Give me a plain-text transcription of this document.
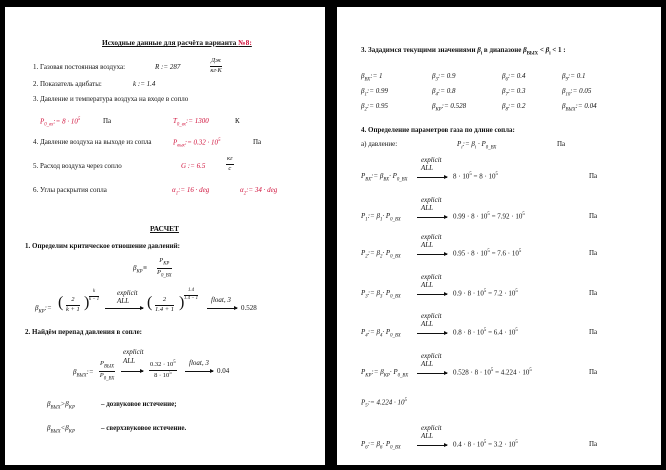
Исходные данные для расчёта варианта №8:
1. Газовая постоянная воздуха:	R := 287
Дж
кг·К
2. Показатель адибаты:	k := 1.4
3. Давление и температура воздуха на входе в сопло
$P_{0\_вх}:= 8 \cdot 10^5$	Па	$T_{0\_вх}:= 1300$	К
4. Давление воздуха на выходе из сопла	$P_{вых}:= 0.32 \cdot 10^5$	Па
5. Расход воздуха через сопло	G := 6.5
кг
с
6. Углы раскрытия сопла	$\alpha_1:= 16$ · deg	$\alpha_2:= 34$ · deg
РАСЧЕТ
1. Определим критическое отношение давлений:
$\beta_{КР}\equiv$
$P_{КР}$
$P_{0\_ВХ}$
$\beta_{КР}:=$ ( $\frac{2}{k + 1}$ ) $\frac{k}{k - 1}$	explicit
ALL ( $\frac{2}{1.4 + 1}$ ) $\frac{1.4}{1.4 - 1}$ float, 3
0.528
2. Найдём перепад давления в сопле:
$\beta_{ВЫХ}:=$
$P_{ВЫХ}$
$P_{0\_ВХ}$
explicit
ALL $\frac{0.32 \cdot 10^5}{8 \cdot 10^5}$ float, 3
0.04
$\beta_{ВЫХ}>\beta_{КР}$	– дозвуковое истечение;
$\beta_{ВЫХ}<\beta_{КР}$	– сверхзвуковое истечение.
3. Зададимся текущими значениями $\beta_i$ в диапазоне $\beta_{ВЫХ} < \beta_i < 1$ :
$\beta_{ВХ}:= 1$	$\beta_3:= 0.9$	$\beta_6:= 0.4$	$\beta_9:= 0.1$
$\beta_1:= 0.99$	$\beta_4:= 0.8$	$\beta_7:= 0.3$	$\beta_{10}:= 0.05$
$\beta_2:= 0.95$	$\beta_{КР}:= 0.528$	$\beta_8:= 0.2$	$\beta_{ВЫХ}:= 0.04$
4. Определение параметров газа по длине сопла:
а) давление:	$P_i:= \beta_i \cdot P_{0\_ВХ}$	Па
explicit
ALL
$P_{ВХ}:= \beta_{ВХ}\cdot P_{0\_ВХ}$	$8 \cdot 10^5 = 8 \cdot 10^5$	Па
explicit
ALL
$P_1:= \beta_1\cdot P_{0\_ВХ}$	$0.99 \cdot 8 \cdot 10^5 = 7.92 \cdot 10^5$	Па
explicit
ALL
$P_2:= \beta_2\cdot P_{0\_ВХ}$	$0.95 \cdot 8 \cdot 10^5 = 7.6 \cdot 10^5$	Па
explicit
ALL
$P_3:= \beta_3\cdot P_{0\_ВХ}$	$0.9 \cdot 8 \cdot 10^5 = 7.2 \cdot 10^5$	Па
explicit
ALL
$P_4:= \beta_4\cdot P_{0\_ВХ}$	$0.8 \cdot 8 \cdot 10^5 = 6.4 \cdot 10^5$	Па
explicit
ALL
$P_{КР}:= \beta_{КР}\cdot P_{0\_ВХ}$	$0.528 \cdot 8 \cdot 10^5 = 4.224 \cdot 10^5$	Па
$P_5:= 4.224 \cdot 10^5$
explicit
ALL
$P_6:= \beta_6\cdot P_{0\_ВХ}$	$0.4 \cdot 8 \cdot 10^5 = 3.2 \cdot 10^5$	Па
